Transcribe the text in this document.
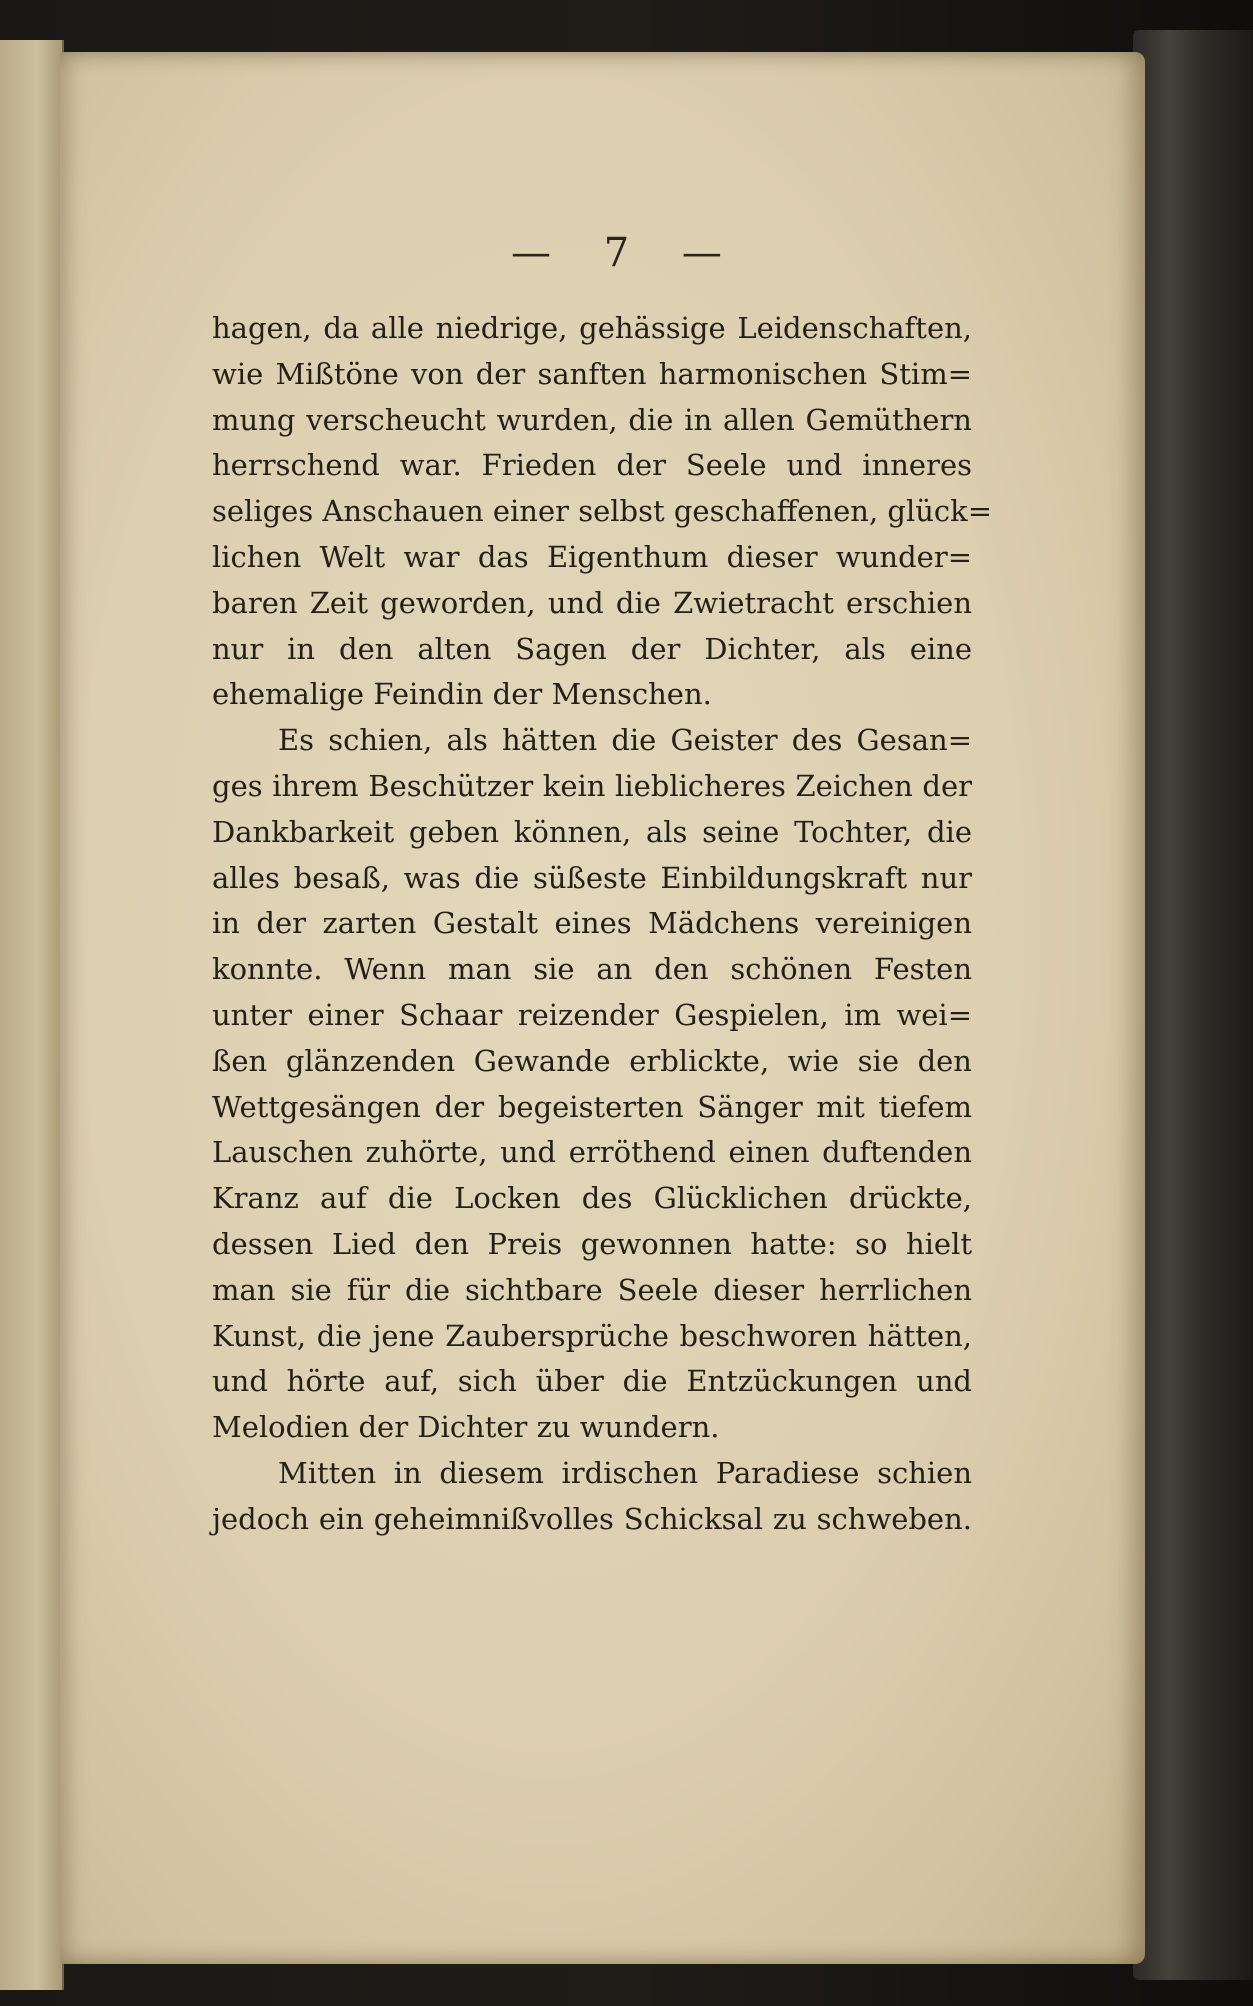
— 7 —
hagen, da alle niedrige, gehässige Leidenschaften,
wie Mißtöne von der sanften harmonischen Stim=
mung verscheucht wurden, die in allen Gemüthern
herrschend war. Frieden der Seele und inneres
seliges Anschauen einer selbst geschaffenen, glück=
lichen Welt war das Eigenthum dieser wunder=
baren Zeit geworden, und die Zwietracht erschien
nur in den alten Sagen der Dichter, als eine
ehemalige Feindin der Menschen.
Es schien, als hätten die Geister des Gesan=
ges ihrem Beschützer kein lieblicheres Zeichen der
Dankbarkeit geben können, als seine Tochter, die
alles besaß, was die süßeste Einbildungskraft nur
in der zarten Gestalt eines Mädchens vereinigen
konnte. Wenn man sie an den schönen Festen
unter einer Schaar reizender Gespielen, im wei=
ßen glänzenden Gewande erblickte, wie sie den
Wettgesängen der begeisterten Sänger mit tiefem
Lauschen zuhörte, und erröthend einen duftenden
Kranz auf die Locken des Glücklichen drückte,
dessen Lied den Preis gewonnen hatte: so hielt
man sie für die sichtbare Seele dieser herrlichen
Kunst, die jene Zaubersprüche beschworen hätten,
und hörte auf, sich über die Entzückungen und
Melodien der Dichter zu wundern.
Mitten in diesem irdischen Paradiese schien
jedoch ein geheimnißvolles Schicksal zu schweben.
